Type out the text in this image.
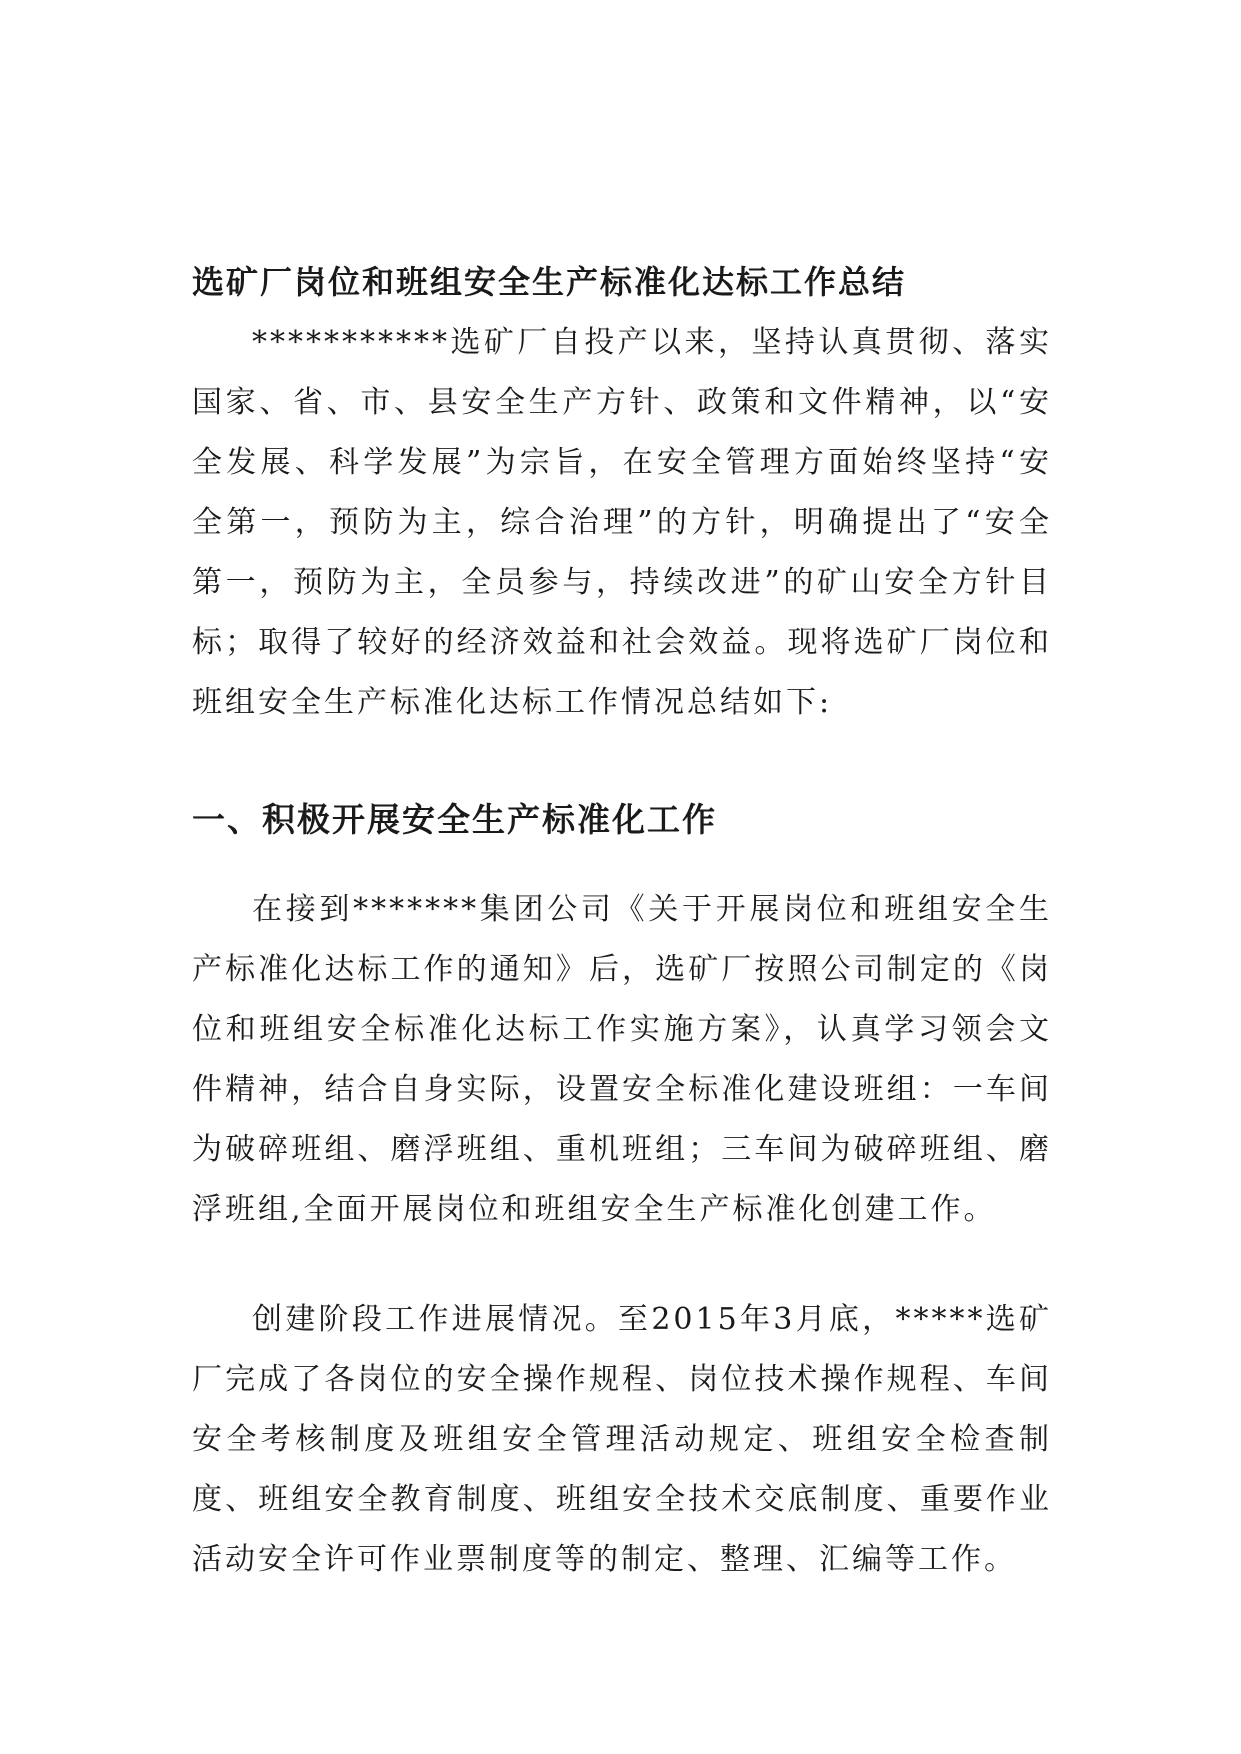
选矿厂岗位和班组安全生产标准化达标工作总结

***********选矿厂自投产以来，坚持认真贯彻、落实国家、省、市、县安全生产方针、政策和文件精神，以“安全发展、科学发展”为宗旨，在安全管理方面始终坚持“安全第一，预防为主，综合治理”的方针，明确提出了“安全第一，预防为主，全员参与，持续改进”的矿山安全方针目标；取得了较好的经济效益和社会效益。现将选矿厂岗位和班组安全生产标准化达标工作情况总结如下:

一、积极开展安全生产标准化工作

在接到*******集团公司《关于开展岗位和班组安全生产标准化达标工作的通知》后，选矿厂按照公司制定的《岗位和班组安全标准化达标工作实施方案》，认真学习领会文件精神，结合自身实际，设置安全标准化建设班组：一车间为破碎班组、磨浮班组、重机班组；三车间为破碎班组、磨浮班组,全面开展岗位和班组安全生产标准化创建工作。

创建阶段工作进展情况。至2015年3月底，*****选矿厂完成了各岗位的安全操作规程、岗位技术操作规程、车间安全考核制度及班组安全管理活动规定、班组安全检查制度、班组安全教育制度、班组安全技术交底制度、重要作业活动安全许可作业票制度等的制定、整理、汇编等工作。
